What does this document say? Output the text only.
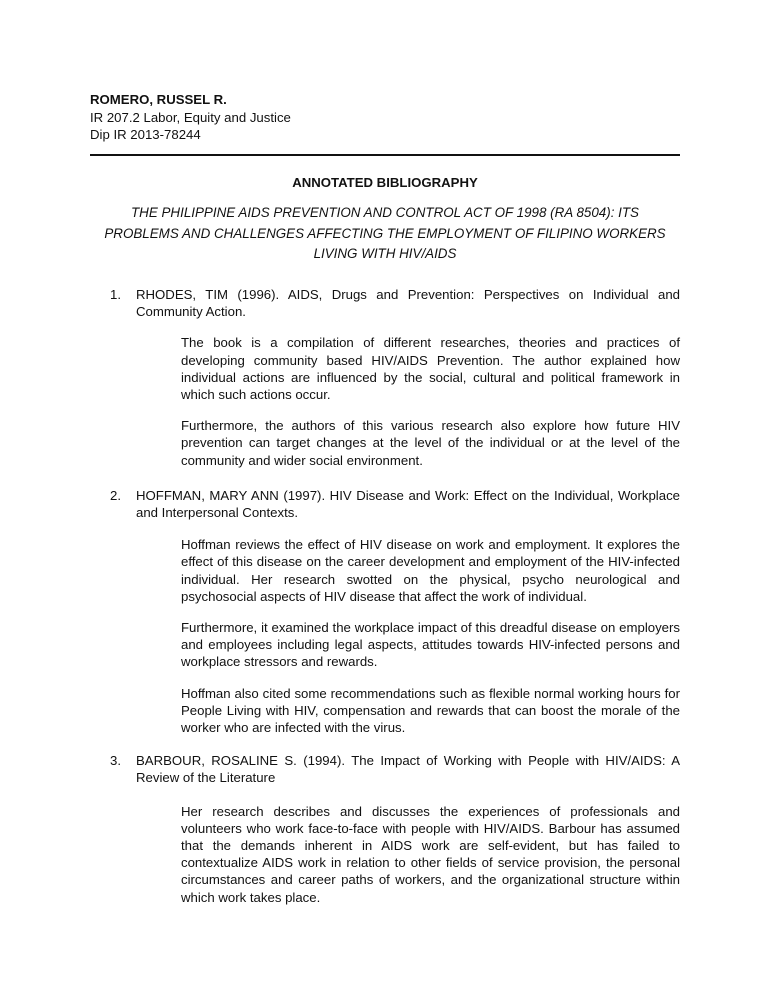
ROMERO, RUSSEL R.
IR 207.2 Labor, Equity and Justice
Dip IR 2013-78244
ANNOTATED BIBLIOGRAPHY
THE PHILIPPINE AIDS PREVENTION AND CONTROL ACT OF 1998 (RA 8504): ITS
PROBLEMS AND CHALLENGES AFFECTING THE EMPLOYMENT OF FILIPINO WORKERS
LIVING WITH HIV/AIDS
1. RHODES, TIM (1996). AIDS, Drugs and Prevention: Perspectives on Individual and Community Action.
The book is a compilation of different researches, theories and practices of developing community based HIV/AIDS Prevention. The author explained how individual actions are influenced by the social, cultural and political framework in which such actions occur.
Furthermore, the authors of this various research also explore how future HIV prevention can target changes at the level of the individual or at the level of the community and wider social environment.
2. HOFFMAN, MARY ANN (1997). HIV Disease and Work: Effect on the Individual, Workplace and Interpersonal Contexts.
Hoffman reviews the effect of HIV disease on work and employment. It explores the effect of this disease on the career development and employment of the HIV-infected individual. Her research swotted on the physical, psycho neurological and psychosocial aspects of HIV disease that affect the work of individual.
Furthermore, it examined the workplace impact of this dreadful disease on employers and employees including legal aspects, attitudes towards HIV-infected persons and workplace stressors and rewards.
Hoffman also cited some recommendations such as flexible normal working hours for People Living with HIV, compensation and rewards that can boost the morale of the worker who are infected with the virus.
3. BARBOUR, ROSALINE S. (1994). The Impact of Working with People with HIV/AIDS: A Review of the Literature
Her research describes and discusses the experiences of professionals and volunteers who work face-to-face with people with HIV/AIDS. Barbour has assumed that the demands inherent in AIDS work are self-evident, but has failed to contextualize AIDS work in relation to other fields of service provision, the personal circumstances and career paths of workers, and the organizational structure within which work takes place.
